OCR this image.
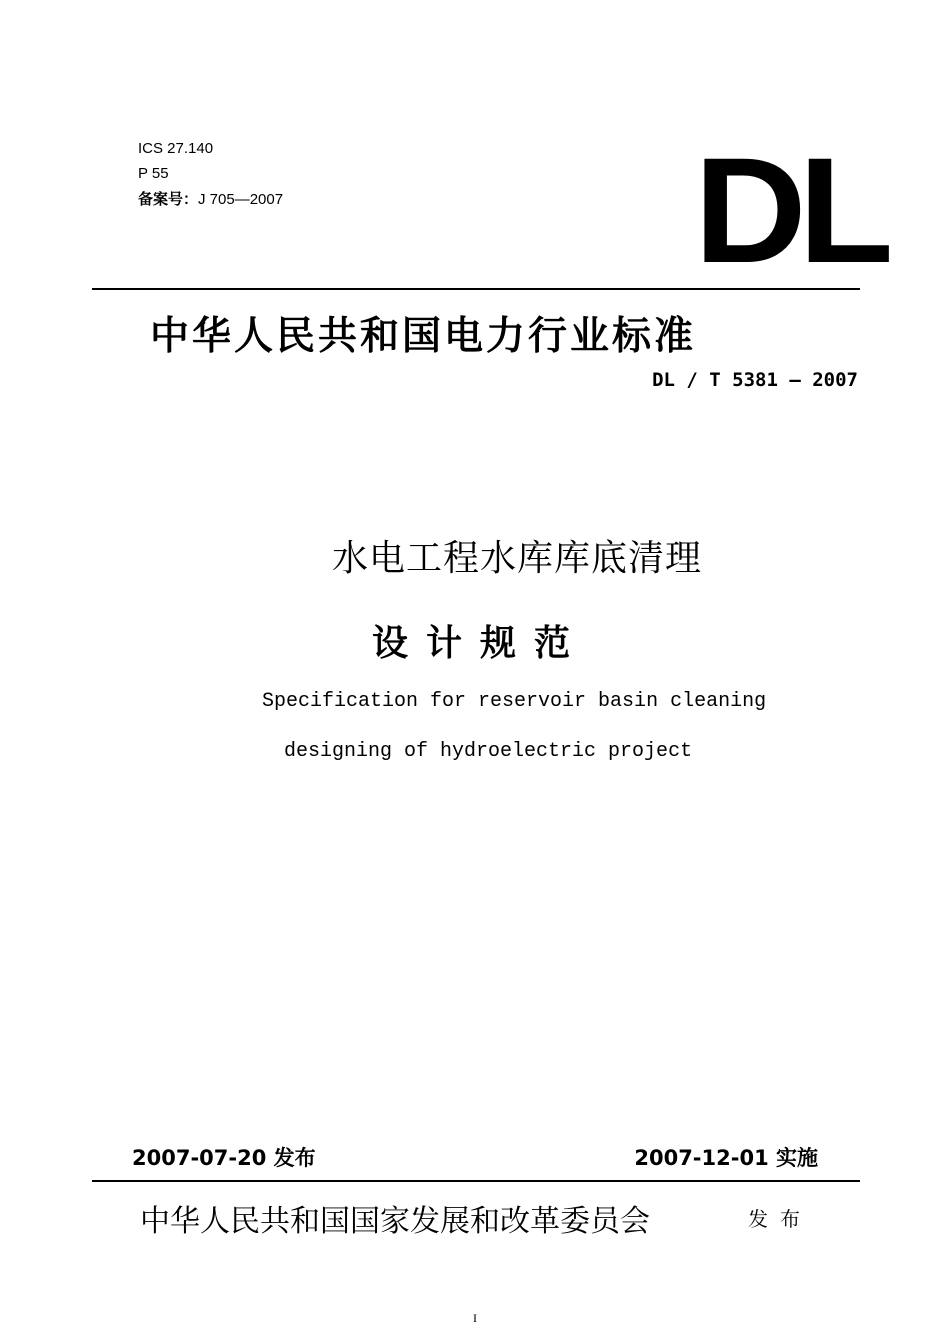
ICS 27.140
P 55
备案号：J 705—2007	DL
中华人民共和国电力行业标准
DL / T 5381 — 2007
水电工程水库库底清理
设计规范
Specification for reservoir basin cleaning
designing of hydroelectric project
2007-07-20 发布	2007-12-01 实施
中华人民共和国国家发展和改革委员会	发布
I
